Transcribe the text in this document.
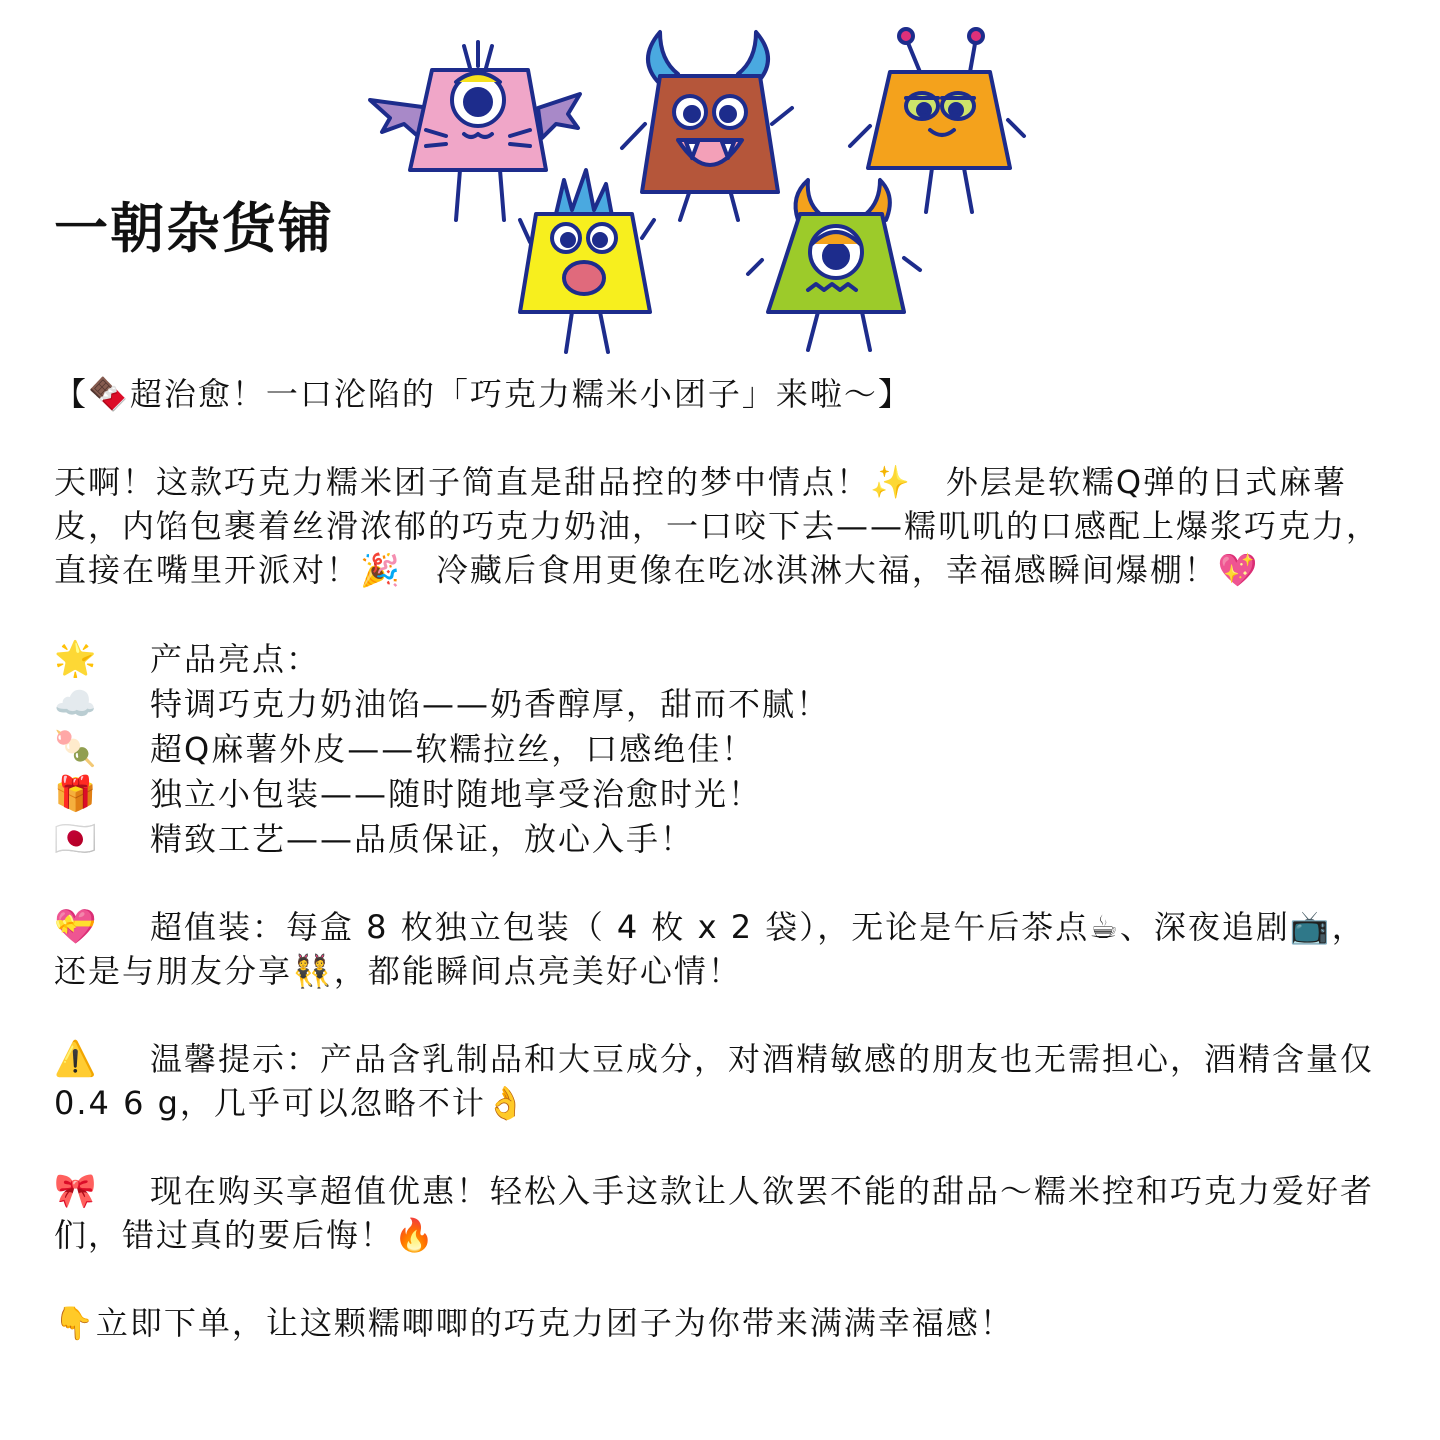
一朝杂货铺
【🍫超治愈！一口沦陷的「巧克力糯米小团子」来啦～】
天啊！这款巧克力糯米团子简直是甜品控的梦中情点！✨　外层是软糯Q弹的日式麻薯皮，内馅包裹着丝滑浓郁的巧克力奶油，一口咬下去——糯叽叽的口感配上爆浆巧克力，直接在嘴里开派对！🎉　冷藏后食用更像在吃冰淇淋大福，幸福感瞬间爆棚！💖
🌟	产品亮点：
☁️	特调巧克力奶油馅——奶香醇厚，甜而不腻！
🍡	超Q麻薯外皮——软糯拉丝，口感绝佳！
🎁	独立小包装——随时随地享受治愈时光！
🇯🇵	精致工艺——品质保证，放心入手！
💝 超值装：每盒 8 枚独立包装（ 4 枚 x 2 袋），无论是午后茶点☕、深夜追剧📺，还是与朋友分享👯，都能瞬间点亮美好心情！
⚠️ 温馨提示：产品含乳制品和大豆成分，对酒精敏感的朋友也无需担心，酒精含量仅 0.4 6 g，几乎可以忽略不计👌
🎀 现在购买享超值优惠！轻松入手这款让人欲罢不能的甜品～糯米控和巧克力爱好者们，错过真的要后悔！🔥
👇立即下单，让这颗糯唧唧的巧克力团子为你带来满满幸福感！
